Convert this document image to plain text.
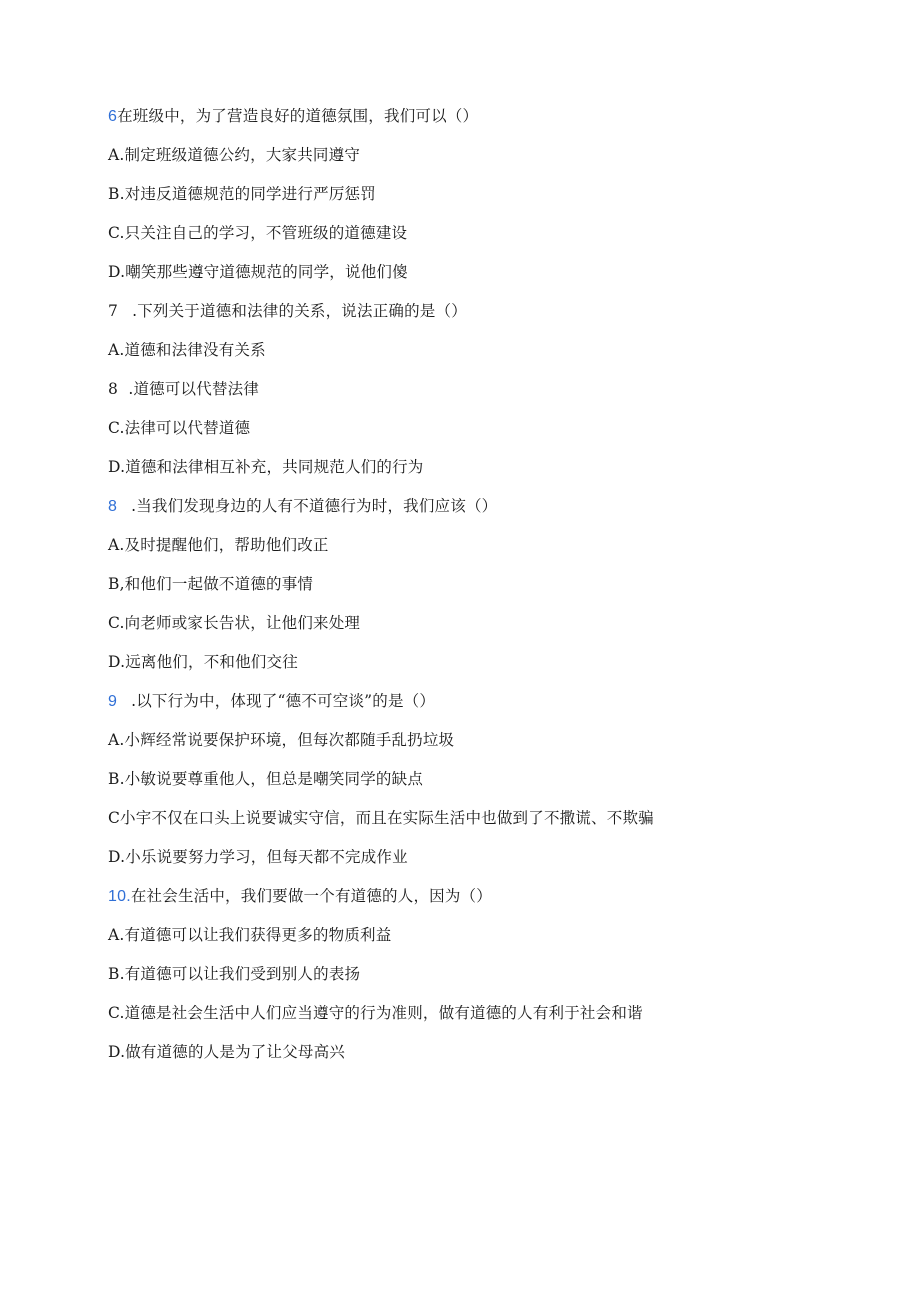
6在班级中，为了营造良好的道德氛围，我们可以（）
A.制定班级道德公约，大家共同遵守
B.对违反道德规范的同学进行严厉惩罚
C.只关注自己的学习，不管班级的道德建设
D.嘲笑那些遵守道德规范的同学，说他们傻
7 .下列关于道德和法律的关系，说法正确的是（）
A.道德和法律没有关系
8  .道德可以代替法律
C.法律可以代替道德
D.道德和法律相互补充，共同规范人们的行为
8 .当我们发现身边的人有不道德行为时，我们应该（）
A.及时提醒他们，帮助他们改正
B,和他们一起做不道德的事情
C.向老师或家长告状，让他们来处理
D.远离他们，不和他们交往
9 .以下行为中，体现了“德不可空谈”的是（）
A.小辉经常说要保护环境，但每次都随手乱扔垃圾
B.小敏说要尊重他人，但总是嘲笑同学的缺点
C小宇不仅在口头上说要诚实守信，而且在实际生活中也做到了不撒谎、不欺骗
D.小乐说要努力学习，但每天都不完成作业
10.在社会生活中，我们要做一个有道德的人，因为（）
A.有道德可以让我们获得更多的物质利益
B.有道德可以让我们受到别人的表扬
C.道德是社会生活中人们应当遵守的行为准则，做有道德的人有利于社会和谐
D.做有道德的人是为了让父母高兴
